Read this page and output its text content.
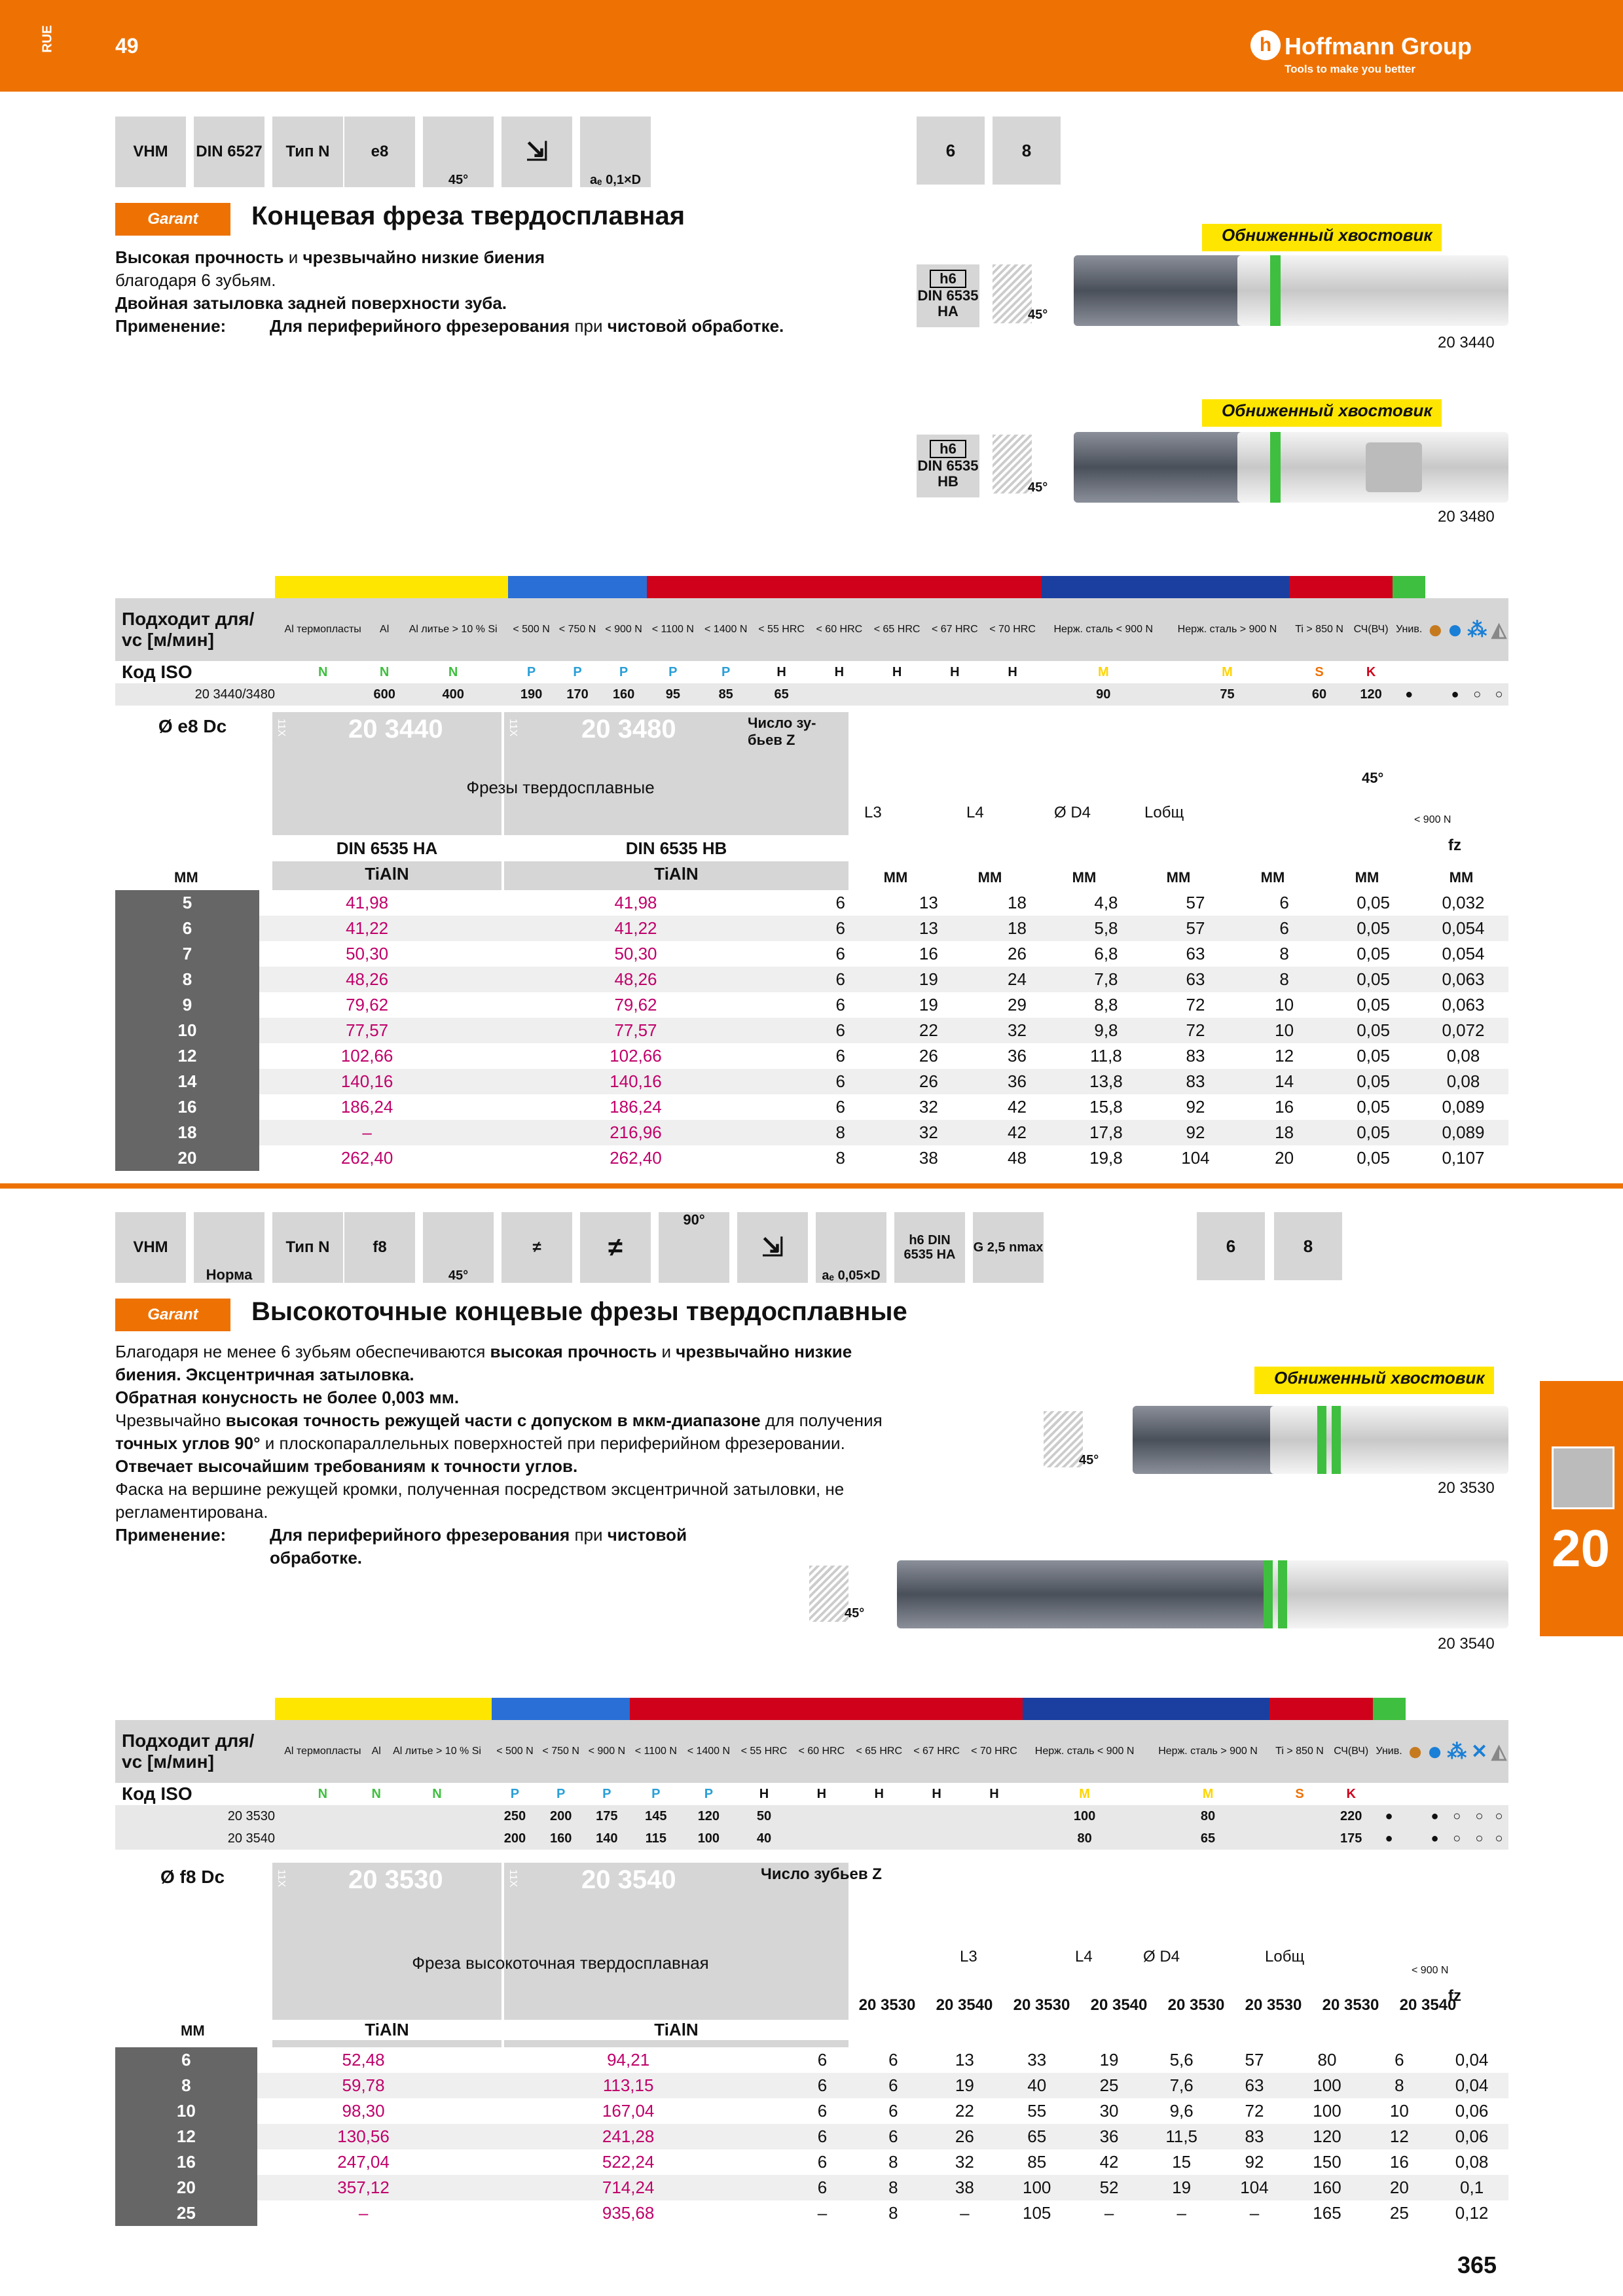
RUE	49	h Hoffmann Group
Tools to make you better
20
VHM	DIN 6527	Тип N	e8
45°
⇲
aₑ 0,1×D
6	8
Garant	Концевая фреза твердосплавная
Высокая прочность и чрезвычайно низкие биения
благодаря 6 зубьям.
Двойная затыловка задней поверхности зуба.
Применение:	Для периферийного фрезерования при чистовой обработке.
Обниженный хвостовик
h6
DIN 6535 HA	45°
20 3440
Обниженный хвостовик
h6
DIN 6535 HB	45°
20 3480

Подходит для/ vc [м/мин]	Al термопласты	Al	Al литье > 10 % Si	< 500 N	< 750 N	< 900 N	< 1100 N	< 1400 N	< 55 HRC	< 60 HRC	< 65 HRC	< 67 HRC	< 70 HRC	Нерж. сталь < 900 N	Нерж. сталь > 900 N	Ti > 850 N	СЧ(ВЧ)	Унив.	●	●	⁂	◭
Код ISO	N	N	N	P	P	P	P	P	H	H	H	H	H	M	M	S	K					
20 3440/3480		600	400	190	170	160	95	85	65					90	75	60	120	●		●	○	○
Ø e8 Dc	11X 20 3440	11X 20 3480
Фрезы твердосплавные
DIN 6535 HA	DIN 6535 HB
TiAlN	TiAlN
Число зу- бьев Z
L3	L4	Ø D4	Lобщ
45°
< 900 N
fz
MM	MM	MM	MM	MM	MM	MM	MM
5	41,98	41,98	6	13	18	4,8	57	6	0,05	0,032
6	41,22	41,22	6	13	18	5,8	57	6	0,05	0,054
7	50,30	50,30	6	16	26	6,8	63	8	0,05	0,054
8	48,26	48,26	6	19	24	7,8	63	8	0,05	0,063
9	79,62	79,62	6	19	29	8,8	72	10	0,05	0,063
10	77,57	77,57	6	22	32	9,8	72	10	0,05	0,072
12	102,66	102,66	6	26	36	11,8	83	12	0,05	0,08
14	140,16	140,16	6	26	36	13,8	83	14	0,05	0,08
16	186,24	186,24	6	32	42	15,8	92	16	0,05	0,089
18	–	216,96	8	32	42	17,8	92	18	0,05	0,089
20	262,40	262,40	8	38	48	19,8	104	20	0,05	0,107
VHM
Норма
Тип N	f8
45°
≠	≠
90°
⇲
aₑ 0,05×D
h6 DIN 6535 HA	G 2,5 nmax	6	8
Garant	Высокоточные концевые фрезы твердосплавные
Благодаря не менее 6 зубьям обеспечиваются высокая прочность и чрезвычайно низкие
биения. Эксцентричная затыловка.
Обратная конусность не более 0,003 мм.
Чрезвычайно высокая точность режущей части с допуском в мкм-диапазоне для получения
точных углов 90° и плоскопараллельных поверхностей при периферийном фрезеровании.
Отвечает высочайшим требованиям к точности углов.
Фаска на вершине режущей кромки, полученная посредством эксцентричной затыловки, не
регламентирована.
Применение:	Для периферийного фрезерования при чистовой
обработке.
Обниженный хвостовик
45°
20 3530
45°
20 3540

Подходит для/ vc [м/мин]	Al термопласты	Al	Al литье > 10 % Si	< 500 N	< 750 N	< 900 N	< 1100 N	< 1400 N	< 55 HRC	< 60 HRC	< 65 HRC	< 67 HRC	< 70 HRC	Нерж. сталь < 900 N	Нерж. сталь > 900 N	Ti > 850 N	СЧ(ВЧ)	Унив.	●	●	⁂	✕	◭
Код ISO	N	N	N	P	P	P	P	P	H	H	H	H	H	M	M	S	K						
20 3530				250	200	175	145	120	50					100	80		220	●		●	○	○	○
20 3540				200	160	140	115	100	40					80	65		175	●		●	○	○	○
Ø f8 Dc	11X 20 3530	11X 20 3540
Фреза высокоточная твердосплавная
TiAlN	TiAlN
MM
Число зубьев Z
L3	L4	Ø D4	Lобщ
< 900 N
fz
20 3530	20 3540	20 3530	20 3540	20 3530	20 3530	20 3530	20 3540
6	52,48	94,21	6	6	13	33	19	5,6	57	80	6	0,04
8	59,78	113,15	6	6	19	40	25	7,6	63	100	8	0,04
10	98,30	167,04	6	6	22	55	30	9,6	72	100	10	0,06
12	130,56	241,28	6	6	26	65	36	11,5	83	120	12	0,06
16	247,04	522,24	6	8	32	85	42	15	92	150	16	0,08
20	357,12	714,24	6	8	38	100	52	19	104	160	20	0,1
25	–	935,68	–	8	–	105	–	–	–	165	25	0,12
365
